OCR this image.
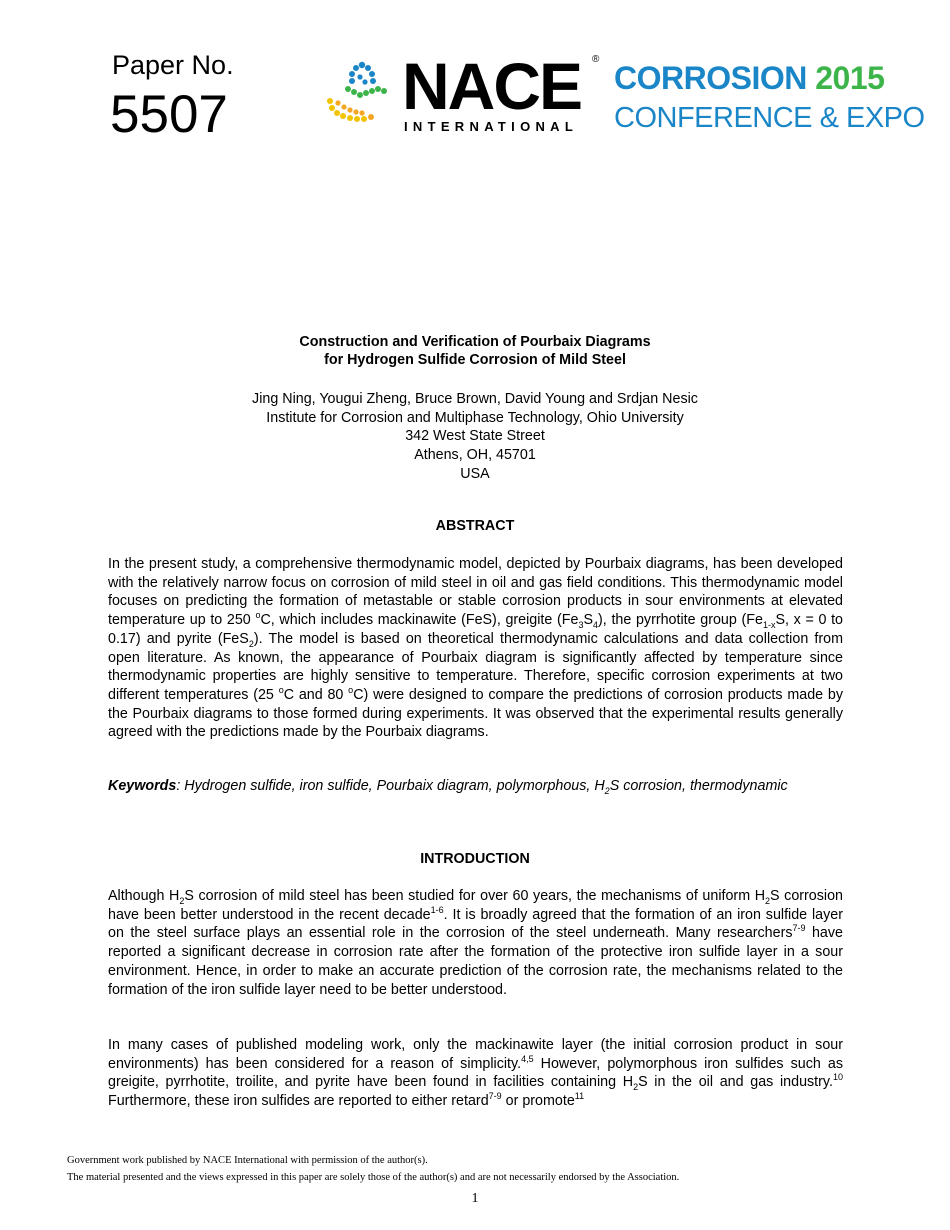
Paper No.
5507	NACE ®
INTERNATIONAL
CORROSION 2015
CONFERENCE & EXPO
Construction and Verification of Pourbaix Diagrams
for Hydrogen Sulfide Corrosion of Mild Steel
Jing Ning, Yougui Zheng, Bruce Brown, David Young and Srdjan Nesic
Institute for Corrosion and Multiphase Technology, Ohio University
342 West State Street
Athens, OH, 45701
USA
ABSTRACT

In the present study, a comprehensive thermodynamic model, depicted by Pourbaix diagrams, has been developed with the relatively narrow focus on corrosion of mild steel in oil and gas field conditions. This thermodynamic model focuses on predicting the formation of metastable or stable corrosion products in sour environments at elevated temperature up to 250 $^o$C, which includes mackinawite (FeS), greigite $(Fe_3S_4)$, the pyrrhotite group ($Fe_{1-x}S$, x = 0 to 0.17) and pyrite (FeS$_2$). The model is based on theoretical thermodynamic calculations and data collection from open literature. As known, the appearance of Pourbaix diagram is significantly affected by temperature since thermodynamic properties are highly sensitive to temperature. Therefore, specific corrosion experiments at two different temperatures (25 $^o$C and 80 $^o$C) were designed to compare the predictions of corrosion products made by the Pourbaix diagrams to those formed during experiments. It was observed that the experimental results generally agreed with the predictions made by the Pourbaix diagrams.

Keywords: Hydrogen sulfide, iron sulfide, Pourbaix diagram, polymorphous, $H_2S$ corrosion, thermodynamic

INTRODUCTION

Although $H_2S$ corrosion of mild steel has been studied for over 60 years, the mechanisms of uniform $H_2S$ corrosion have been better understood in the recent decade$^{1-6}$. It is broadly agreed that the formation of an iron sulfide layer on the steel surface plays an essential role in the corrosion of the steel underneath. Many researchers$^{7-9}$ have reported a significant decrease in corrosion rate after the formation of the protective iron sulfide layer in a sour environment. Hence, in order to make an accurate prediction of the corrosion rate, the mechanisms related to the formation of the iron sulfide layer need to be better understood.

In many cases of published modeling work, only the mackinawite layer (the initial corrosion product in sour environments) has been considered for a reason of simplicity.$^{4,5}$ However, polymorphous iron sulfides such as greigite, pyrrhotite, troilite, and pyrite have been found in facilities containing $H_2S$ in the oil and gas industry.$^{10}$ Furthermore, these iron sulfides are reported to either retard$^{7-9}$ or promote$^{11}$

Government work published by NACE International with permission of the author(s).
The material presented and the views expressed in this paper are solely those of the author(s) and are not necessarily endorsed by the Association.
1
